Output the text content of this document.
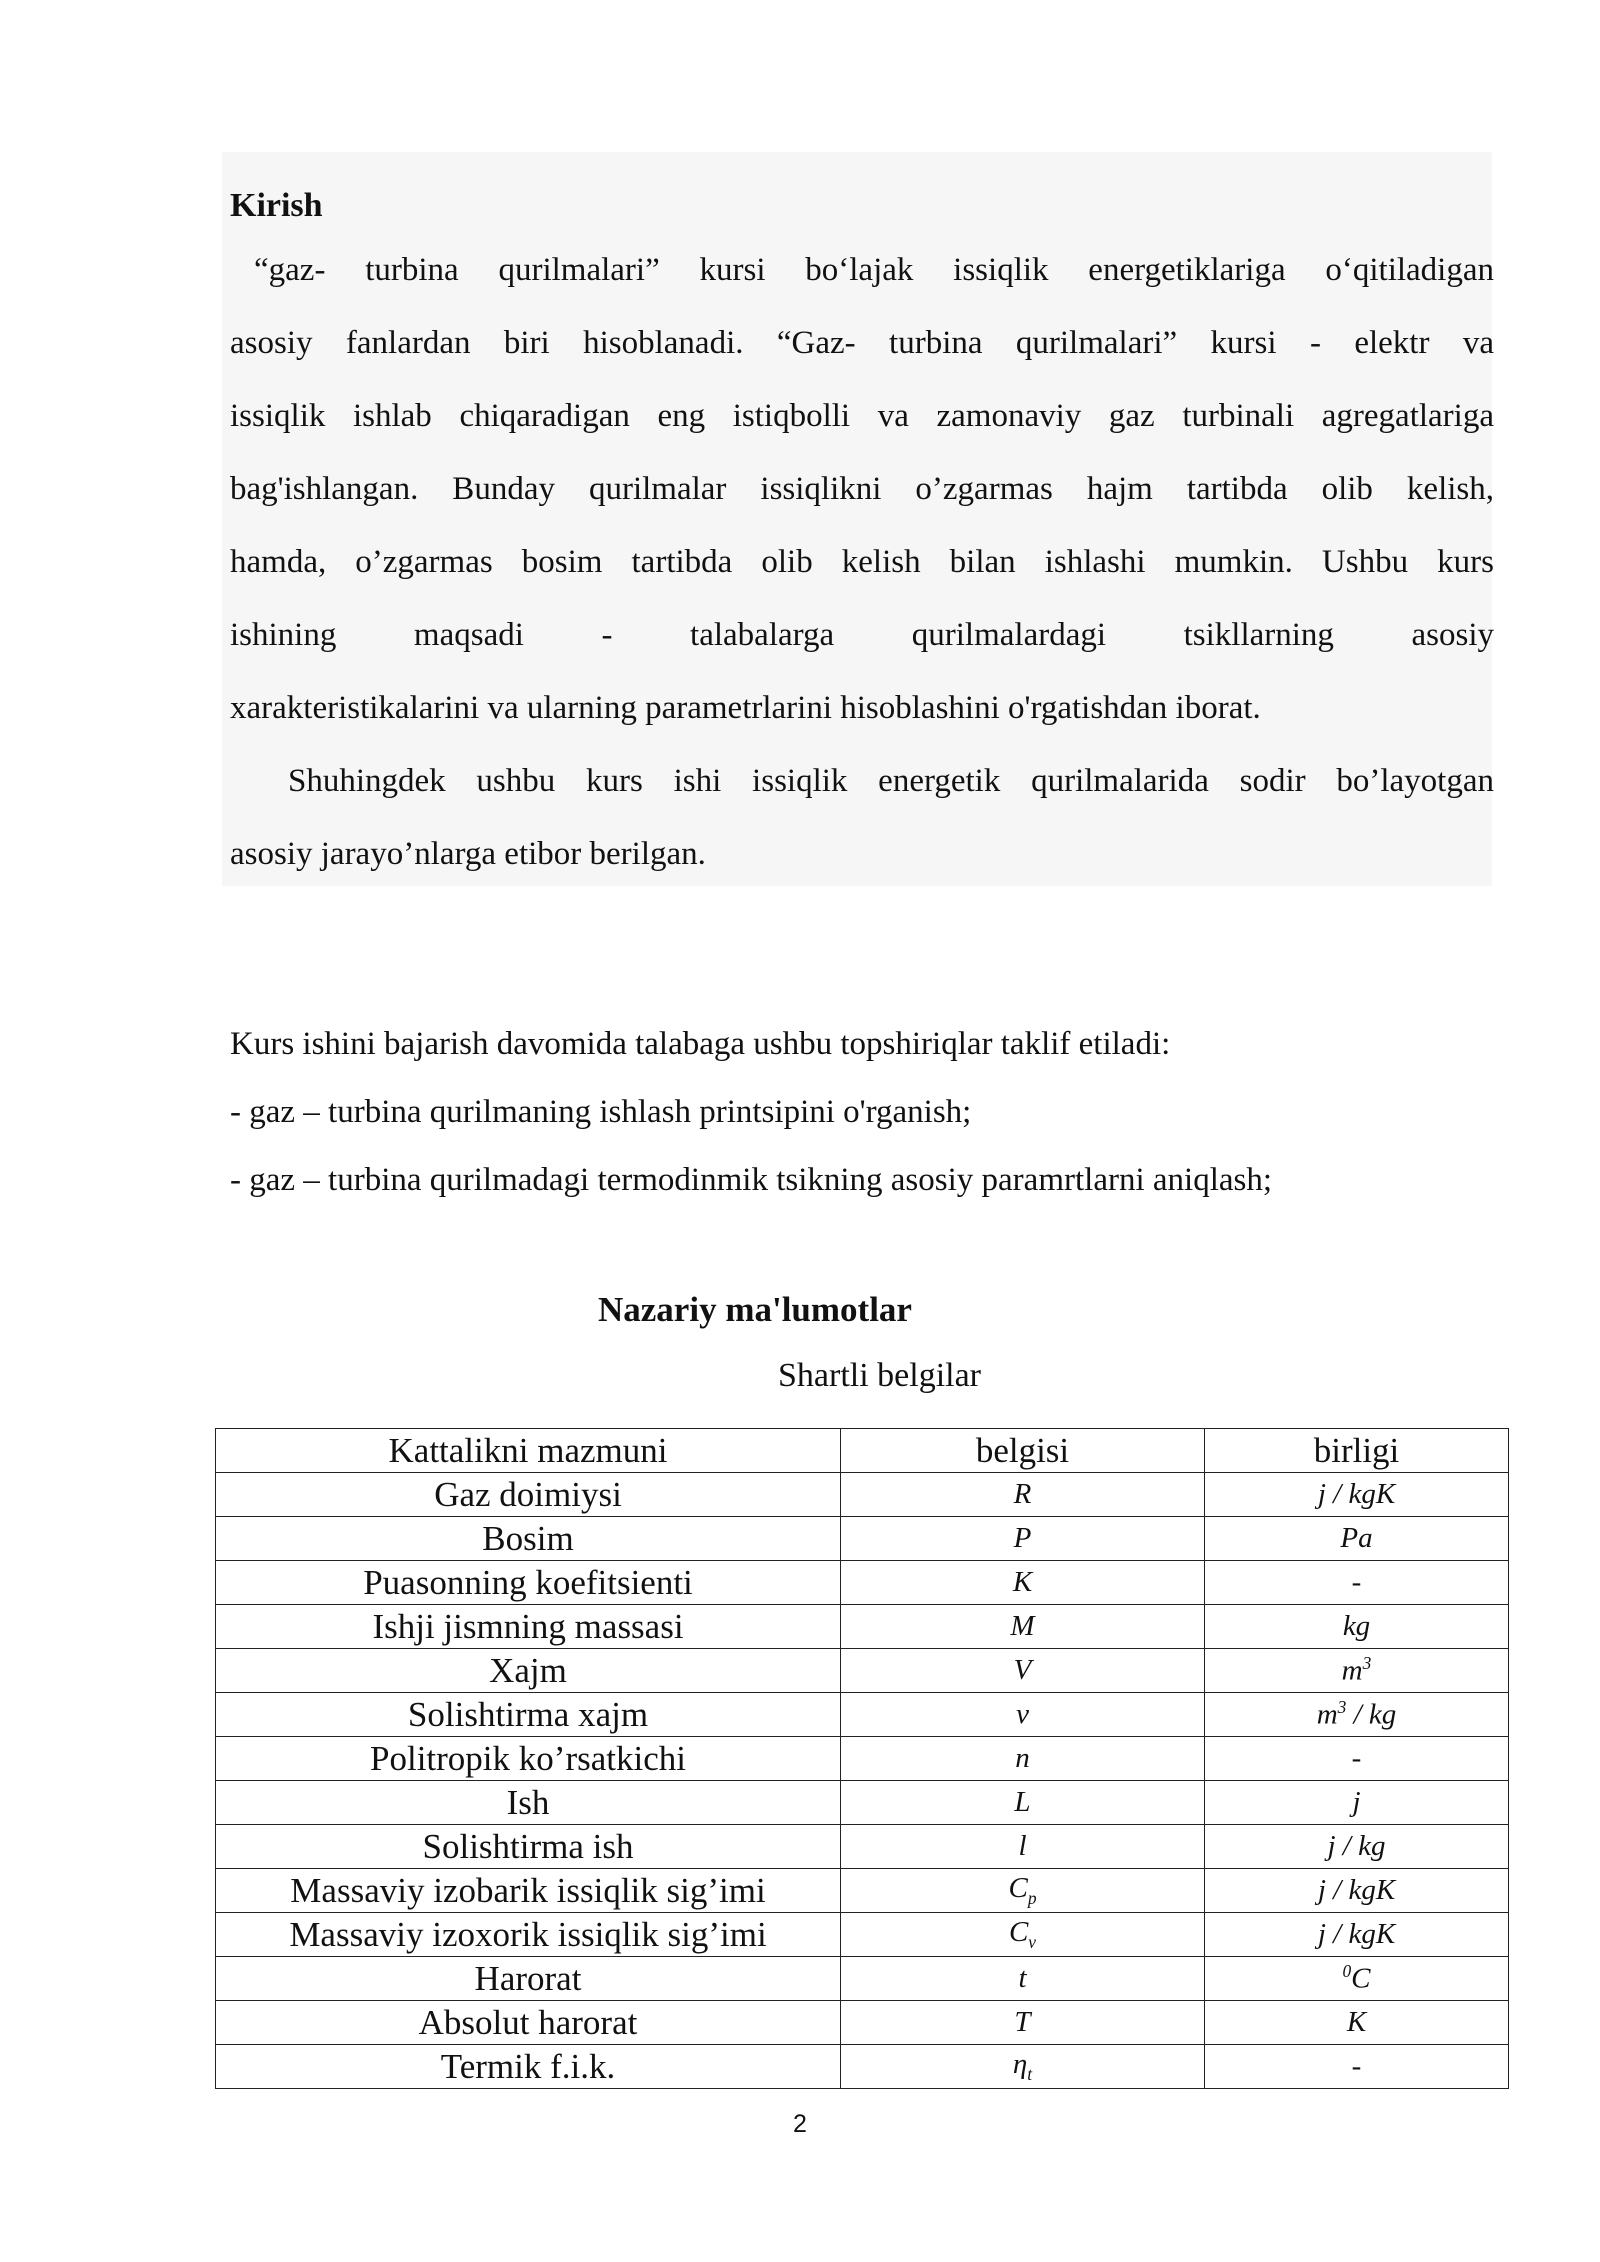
Kirish
“gaz- turbina qurilmalari” kursi bo‘lajak issiqlik energetiklariga o‘qitiladigan
asosiy fanlardan biri hisoblanadi. “Gaz- turbina qurilmalari” kursi - elektr va
issiqlik ishlab chiqaradigan eng istiqbolli va zamonaviy gaz turbinali agregatlariga
bag'ishlangan. Bunday qurilmalar issiqlikni o’zgarmas hajm tartibda olib kelish,
hamda, o’zgarmas bosim tartibda olib kelish bilan ishlashi mumkin. Ushbu kurs
ishining maqsadi - talabalarga qurilmalardagi tsikllarning asosiy
xarakteristikalarini va ularning parametrlarini hisoblashini o'rgatishdan iborat.
Shuhingdek ushbu kurs ishi issiqlik energetik qurilmalarida sodir bo’layotgan
asosiy jarayo’nlarga etibor berilgan.

Kurs ishini bajarish davomida talabaga ushbu topshiriqlar taklif etiladi:

- gaz – turbina qurilmaning ishlash printsipini o'rganish;

- gaz – turbina qurilmadagi termodinmik tsikning asosiy paramrtlarni aniqlash;

Nazariy ma'lumotlar
Shartli belgilar
Kattalikni mazmuni	belgisi	birligi
Gaz doimiysi	R	j / kgK
Bosim	P	Pa
Puasonning koefitsienti	K	-
Ishji jismning massasi	M	kg
Xajm	V	$m^3$
Solishtirma xajm	v	$m^3$ / kg
Politropik ko’rsatkichi	n	-
Ish	L	j
Solishtirma ish	l	j / kg
Massaviy izobarik issiqlik sig’imi	$C_p$	j / kgK
Massaviy izoxorik issiqlik sig’imi	$C_v$	j / kgK
Harorat	t	$^0$C
Absolut harorat	T	K
Termik f.i.k.	$\eta_t$	-
2
